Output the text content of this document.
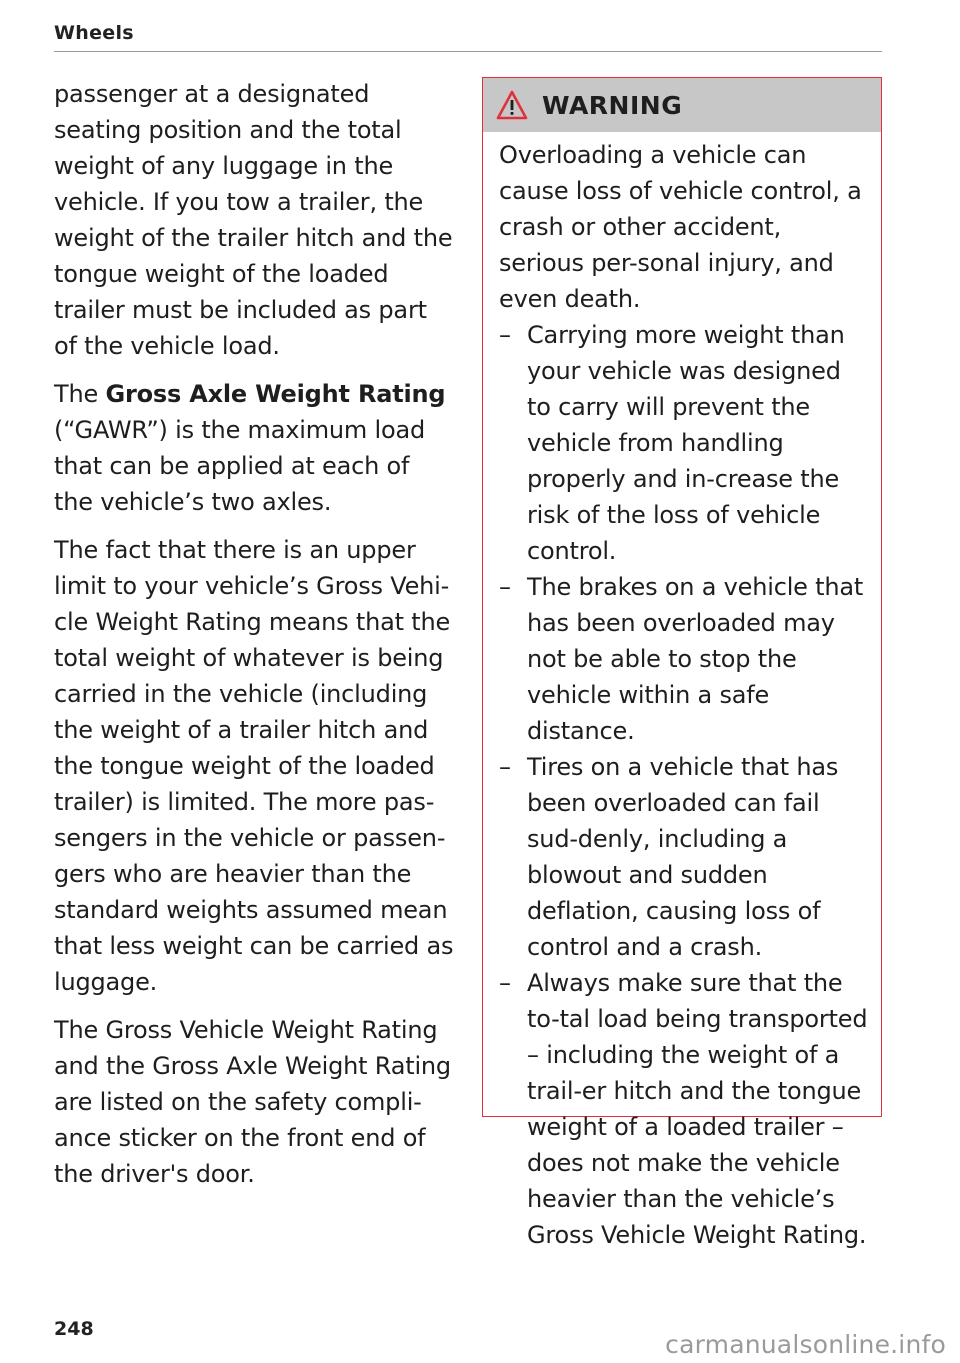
Wheels

passenger at a designated seating position and the total weight of any luggage in the vehicle. If you tow a trailer, the weight of the trailer hitch and the tongue weight of the loaded trailer must be included as part of the vehicle load.

The Gross Axle Weight Rating (“GAWR”) is the maximum load that can be applied at each of the vehicle’s two axles.

The fact that there is an upper limit to your vehicle’s Gross Vehi-cle Weight Rating means that the total weight of whatever is being carried in the vehicle (including the weight of a trailer hitch and the tongue weight of the loaded trailer) is limited. The more pas-sengers in the vehicle or passen-gers who are heavier than the standard weights assumed mean that less weight can be carried as luggage.

The Gross Vehicle Weight Rating and the Gross Axle Weight Rating are listed on the safety compli-ance sticker on the front end of the driver's door.

WARNING

Overloading a vehicle can cause loss of vehicle control, a crash or other accident, serious per-sonal injury, and even death.

– Carrying more weight than your vehicle was designed to carry will prevent the vehicle from handling properly and in-crease the risk of the loss of vehicle control.
– The brakes on a vehicle that has been overloaded may not be able to stop the vehicle within a safe distance.
– Tires on a vehicle that has been overloaded can fail sud-denly, including a blowout and sudden deflation, causing loss of control and a crash.
– Always make sure that the to-tal load being transported – including the weight of a trail-er hitch and the tongue weight of a loaded trailer – does not make the vehicle heavier than the vehicle’s Gross Vehicle Weight Rating.
248
carmanualsonline.info
